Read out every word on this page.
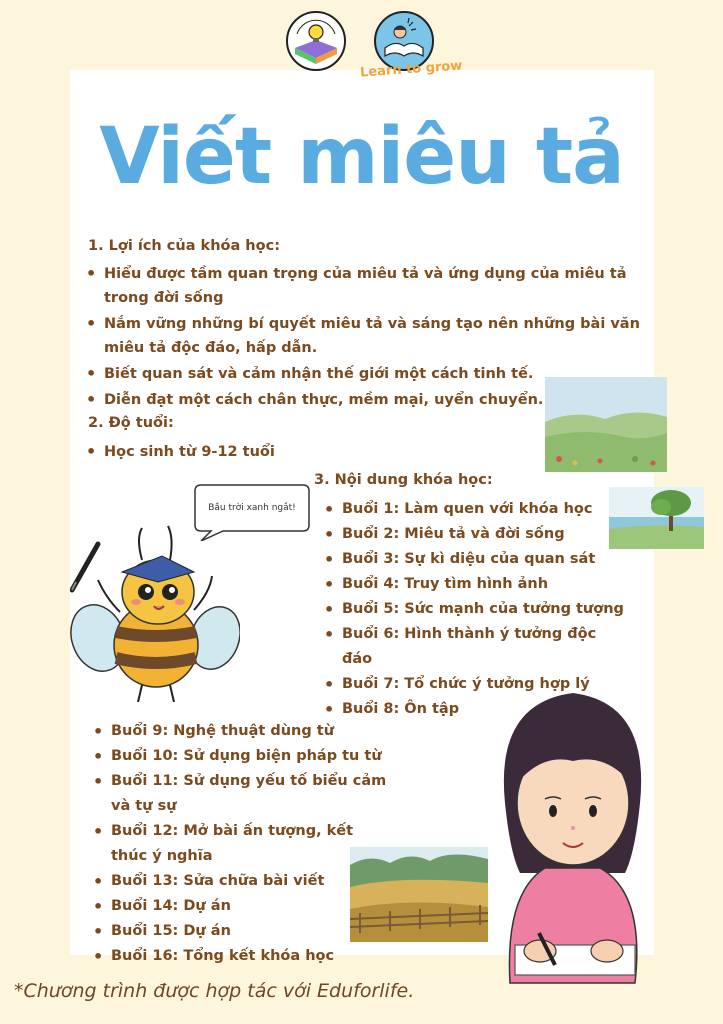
Learn to grow
Viết miêu tả

1. Lợi ích của khóa học:

• Hiểu được tầm quan trọng của miêu tả và ứng dụng của miêu tả trong đời sống
• Nắm vững những bí quyết miêu tả và sáng tạo nên những bài văn miêu tả độc đáo, hấp dẫn.
• Biết quan sát và cảm nhận thế giới một cách tinh tế.
• Diễn đạt một cách chân thực, mềm mại, uyển chuyển.

2. Độ tuổi:

• Học sinh từ 9-12 tuổi

3. Nội dung khóa học:

• Buổi 1: Làm quen với khóa học
• Buổi 2: Miêu tả và đời sống
• Buổi 3: Sự kì diệu của quan sát
• Buổi 4: Truy tìm hình ảnh
• Buổi 5: Sức mạnh của tưởng tượng
• Buổi 6: Hình thành ý tưởng độc đáo
• Buổi 7: Tổ chức ý tưởng hợp lý
• Buổi 8: Ôn tập
• Buổi 9: Nghệ thuật dùng từ
• Buổi 10: Sử dụng biện pháp tu từ
• Buổi 11: Sử dụng yếu tố biểu cảm và tự sự
• Buổi 12: Mở bài ấn tượng, kết thúc ý nghĩa
• Buổi 13: Sửa chữa bài viết
• Buổi 14: Dự án
• Buổi 15: Dự án
• Buổi 16: Tổng kết khóa học

Bầu trời xanh ngắt!

*Chương trình được hợp tác với Eduforlife.
